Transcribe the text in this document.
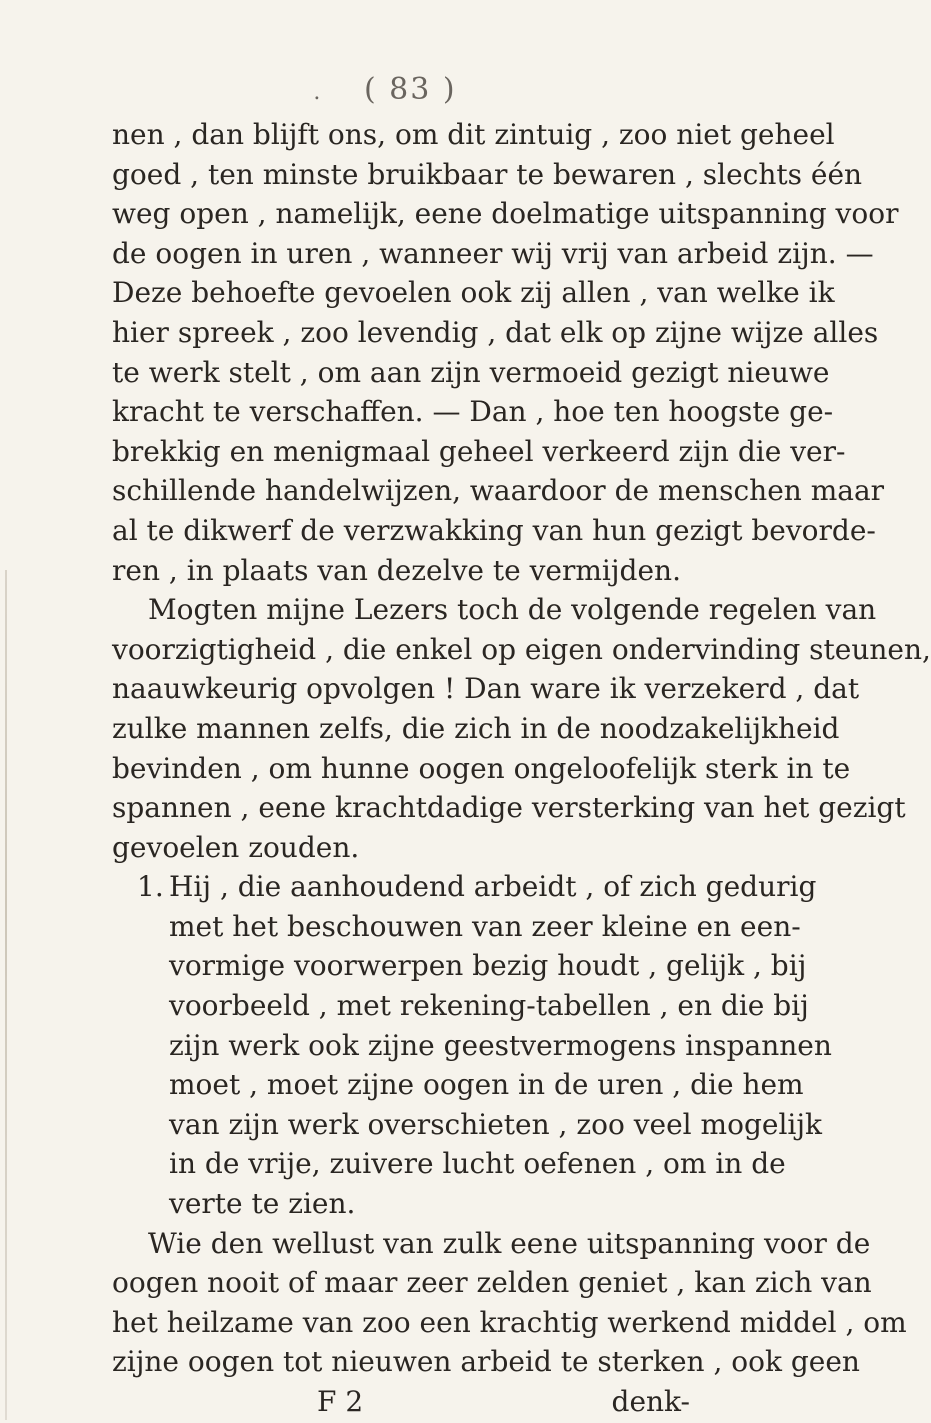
. ( 83 )
nen , dan blijft ons, om dit zintuig , zoo niet geheel
goed , ten minste bruikbaar te bewaren , slechts één
weg open , namelijk, eene doelmatige uitspanning voor
de oogen in uren , wanneer wij vrij van arbeid zijn. —
Deze behoefte gevoelen ook zij allen , van welke ik
hier spreek , zoo levendig , dat elk op zijne wijze alles
te werk stelt , om aan zijn vermoeid gezigt nieuwe
kracht te verschaffen. — Dan , hoe ten hoogste ge-
brekkig en menigmaal geheel verkeerd zijn die ver-
schillende handelwijzen, waardoor de menschen maar
al te dikwerf de verzwakking van hun gezigt bevorde-
ren , in plaats van dezelve te vermijden.
Mogten mijne Lezers toch de volgende regelen van
voorzigtigheid , die enkel op eigen ondervinding steunen,
naauwkeurig opvolgen ! Dan ware ik verzekerd , dat
zulke mannen zelfs, die zich in de noodzakelijkheid
bevinden , om hunne oogen ongeloofelijk sterk in te
spannen , eene krachtdadige versterking van het gezigt
gevoelen zouden.
1. Hij , die aanhoudend arbeidt , of zich gedurig
met het beschouwen van zeer kleine en een-
vormige voorwerpen bezig houdt , gelijk , bij
voorbeeld , met rekening-tabellen , en die bij
zijn werk ook zijne geestvermogens inspannen
moet , moet zijne oogen in de uren , die hem
van zijn werk overschieten , zoo veel mogelijk
in de vrije, zuivere lucht oefenen , om in de
verte te zien.
Wie den wellust van zulk eene uitspanning voor de
oogen nooit of maar zeer zelden geniet , kan zich van
het heilzame van zoo een krachtig werkend middel , om
zijne oogen tot nieuwen arbeid te sterken , ook geen
F 2	denk-
